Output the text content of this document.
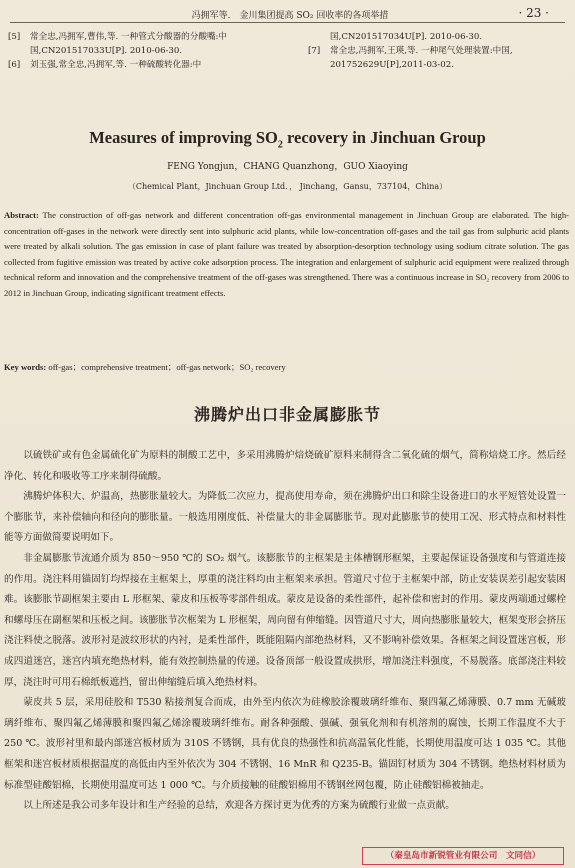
冯拥军等． 金川集团提高 SO₂ 回收率的各项举措	· 23 ·
[5] 常全忠,冯拥军,曹伟,等. 一种管式分酸器的分酸嘴:中国,CN201517033U[P]. 2010-06-30.
[6] 刘玉强,常全忠,冯拥军,等. 一种硫酸转化器:中
国,CN201517034U[P]. 2010-06-30.
[7] 常全忠,冯拥军,王瑛,等. 一种尾气处理装置:中国, 201752629U[P],2011-03-02.
Measures of improving $SO_2$ recovery in Jinchuan Group
FENG Yongjun，CHANG Quanzhong，GUO Xiaoying
（Chemical Plant，Jinchuan Group Ltd．， Jinchang，Gansu，737104，China）
Abstract: The construction of off-gas network and different concentration off-gas environmental management in Jinchuan Group are elaborated. The high-concentration off-gases in the network were directly sent into sulphuric acid plants, while low-concentration off-gases and the tail gas from sulphuric acid plants were treated by alkali solution. The gas emission in case of plant failure was treated by absorption-desorption technology using sodium citrate solution. The gas collected from fugitive emission was treated by active coke adsorption process. The integration and enlargement of sulphuric acid equipment were realized through technical reform and innovation and the comprehensive treatment of the off-gases was strengthened. There was a continuous increase in SO₂ recovery from 2006 to 2012 in Jinchuan Group, indicating significant treatment effects.
Key words: off-gas；comprehensive treatment；off-gas network；SO₂ recovery
沸腾炉出口非金属膨胀节

以硫铁矿或有色金属硫化矿为原料的制酸工艺中，多采用沸腾炉焙烧硫矿原料来制得含二氧化硫的烟气，简称焙烧工序。然后经净化、转化和吸收等工序来制得硫酸。

沸腾炉体积大、炉温高，热膨胀量较大。为降低二次应力，提高使用寿命，须在沸腾炉出口和除尘设备进口的水平短管处设置一个膨胀节，来补偿轴向和径向的膨胀量。一般选用刚度低、补偿量大的非金属膨胀节。现对此膨胀节的使用工况、形式特点和材料性能等方面做简要说明如下。

非金属膨胀节流通介质为 850～950 ℃的 SO₂ 烟气。该膨胀节的主框架是主体槽钢形框架，主要起保证设备强度和与管道连接的作用。浇注料用锚固钉均焊接在主框架上，厚重的浇注料均由主框架来承担。管道尺寸位于主框架中部，防止安装误差引起安装困难。该膨胀节副框架主要由 L 形框架、蒙皮和压板等零部件组成。蒙皮是设备的柔性部件，起补偿和密封的作用。蒙皮两端通过螺栓和螺母压在副框架和压板之间。该膨胀节次框架为 L 形框架，周向留有伸缩缝。因管道尺寸大，周向热膨胀量较大，框架变形会挤压浇注料使之脱落。波形衬是波纹形状的内衬，是柔性部件，既能阻隔内部绝热材料，又不影响补偿效果。各框架之间设置迷宫板，形成四道迷宫，迷宫内填充绝热材料，能有效控制热量的传递。设备顶部一般设置成拱形，增加浇注料强度，不易脱落。底部浇注料较厚，浇注时可用石棉纸板遮挡，留出伸缩缝后填入绝热材料。

蒙皮共 5 层，采用硅胶和 T530 粘接剂复合而成，由外至内依次为硅橡胶涂覆玻璃纤维布、聚四氟乙烯薄膜、0.7 mm 无碱玻璃纤维布、聚四氟乙烯薄膜和聚四氟乙烯涂覆玻璃纤维布。耐各种强酸、强碱、强氧化剂和有机溶剂的腐蚀，长期工作温度不大于 250 ℃。波形衬里和最内部迷宫板材质为 310S 不锈钢，具有优良的热强性和抗高温氧化性能，长期使用温度可达 1 035 ℃。其他框架和迷宫板材质根据温度的高低由内至外依次为 304 不锈钢、16 MnR 和 Q235-B。锚固钉材质为 304 不锈钢。绝热材料材质为标准型硅酸铝棉，长期使用温度可达 1 000 ℃。与介质接触的硅酸铝棉用不锈钢丝网包覆，防止硅酸铝棉被抽走。

以上所述是我公司多年设计和生产经验的总结，欢迎各方探讨更为优秀的方案为硫酸行业做一点贡献。

（秦皇岛市新锐管业有限公司　文同信）
